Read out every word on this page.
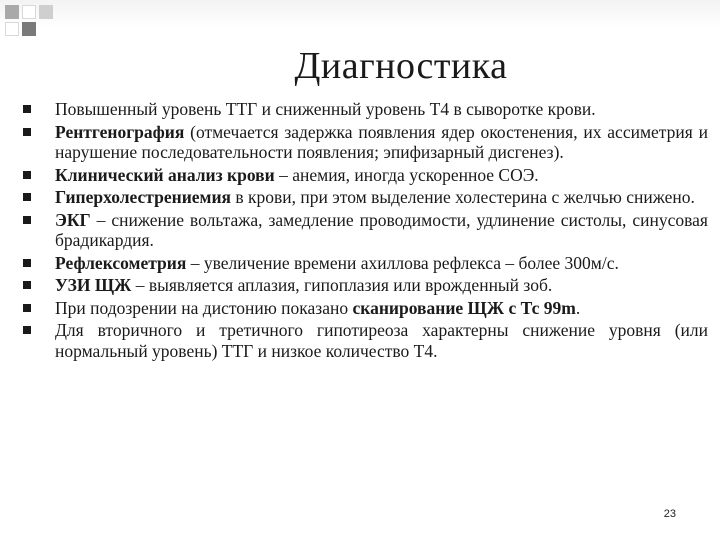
Диагностика
Повышенный уровень ТТГ и сниженный уровень Т4 в сыворотке крови.
Рентгенография (отмечается задержка появления ядер окостенения, их ассиметрия и нарушение последовательности появления; эпифизарный дисгенез).
Клинический анализ крови – анемия, иногда ускоренное СОЭ.
Гиперхолестрениемия в крови, при этом выделение холестерина с желчью снижено.
ЭКГ – снижение вольтажа, замедление проводимости, удлинение систолы, синусовая брадикардия.
Рефлексометрия – увеличение времени ахиллова рефлекса – более 300м/с.
УЗИ ЩЖ – выявляется аплазия, гипоплазия или врожденный зоб.
При подозрении на дистонию показано сканирование ЩЖ с Тс 99m.
Для вторичного и третичного гипотиреоза характерны снижение уровня (или нормальный уровень) ТТГ и низкое количество Т4.
23
